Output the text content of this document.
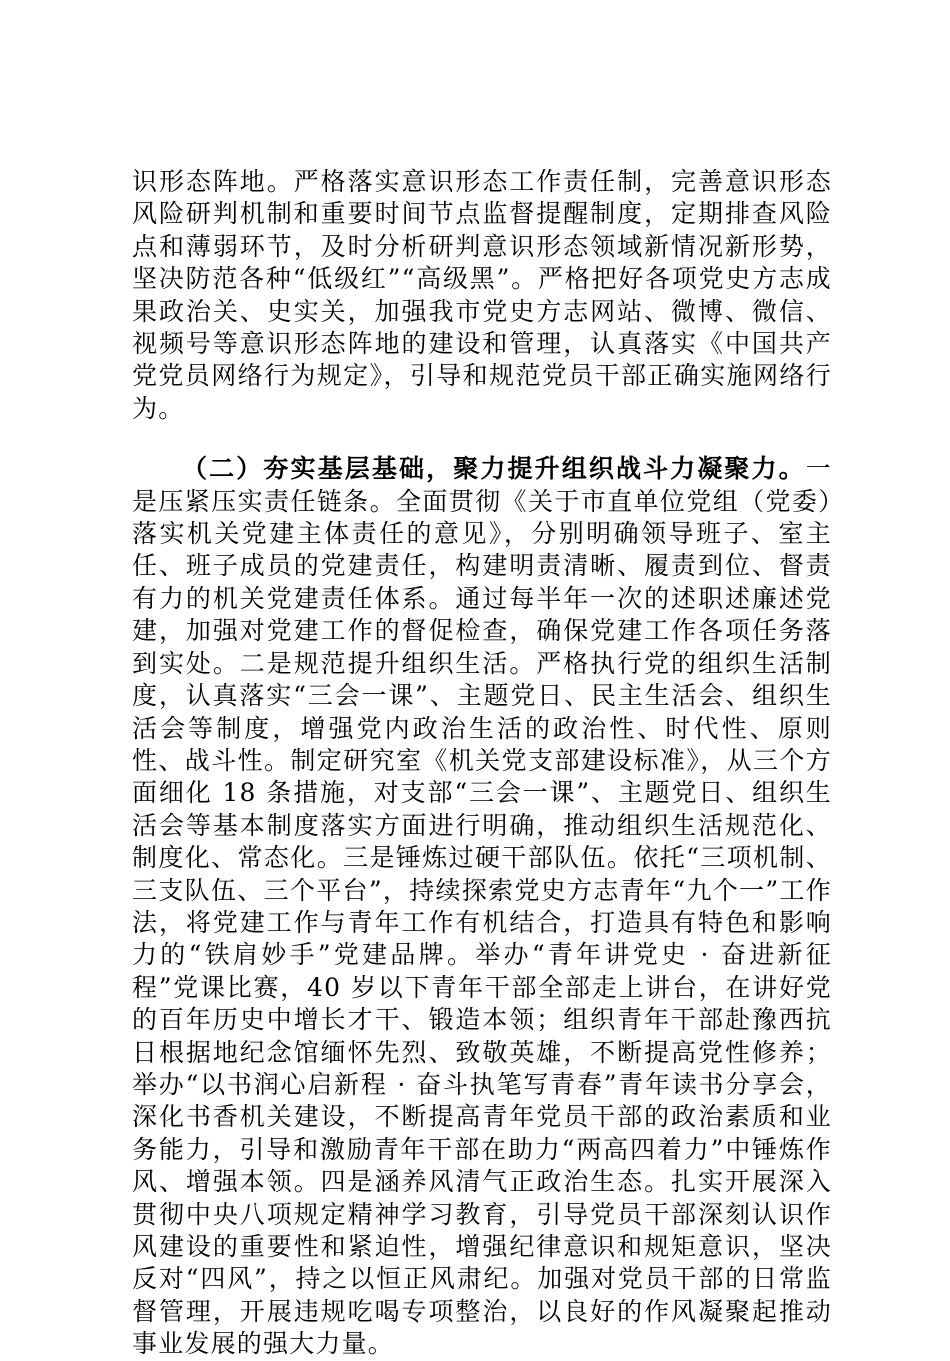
识形态阵地。严格落实意识形态工作责任制，完善意识形态风险研判机制和重要时间节点监督提醒制度，定期排查风险点和薄弱环节，及时分析研判意识形态领域新情况新形势，坚决防范各种“低级红”“高级黑”。严格把好各项党史方志成果政治关、史实关，加强我市党史方志网站、微博、微信、视频号等意识形态阵地的建设和管理，认真落实《中国共产党党员网络行为规定》，引导和规范党员干部正确实施网络行为。

（二）夯实基层基础，聚力提升组织战斗力凝聚力。一是压紧压实责任链条。全面贯彻《关于市直单位党组（党委）落实机关党建主体责任的意见》，分别明确领导班子、室主任、班子成员的党建责任，构建明责清晰、履责到位、督责有力的机关党建责任体系。通过每半年一次的述职述廉述党建，加强对党建工作的督促检查，确保党建工作各项任务落到实处。二是规范提升组织生活。严格执行党的组织生活制度，认真落实“三会一课”、主题党日、民主生活会、组织生活会等制度，增强党内政治生活的政治性、时代性、原则性、战斗性。制定研究室《机关党支部建设标准》，从三个方面细化 18 条措施，对支部“三会一课”、主题党日、组织生活会等基本制度落实方面进行明确，推动组织生活规范化、制度化、常态化。三是锤炼过硬干部队伍。依托“三项机制、三支队伍、三个平台”，持续探索党史方志青年“九个一”工作法，将党建工作与青年工作有机结合，打造具有特色和影响力的“铁肩妙手”党建品牌。举办“青年讲党史 · 奋进新征程”党课比赛，40 岁以下青年干部全部走上讲台，在讲好党的百年历史中增长才干、锻造本领；组织青年干部赴豫西抗日根据地纪念馆缅怀先烈、致敬英雄，不断提高党性修养；举办“以书润心启新程 · 奋斗执笔写青春”青年读书分享会，深化书香机关建设，不断提高青年党员干部的政治素质和业务能力，引导和激励青年干部在助力“两高四着力”中锤炼作风、增强本领。四是涵养风清气正政治生态。扎实开展深入贯彻中央八项规定精神学习教育，引导党员干部深刻认识作风建设的重要性和紧迫性，增强纪律意识和规矩意识，坚决反对“四风”，持之以恒正风肃纪。加强对党员干部的日常监督管理，开展违规吃喝专项整治，以良好的作风凝聚起推动事业发展的强大力量。
